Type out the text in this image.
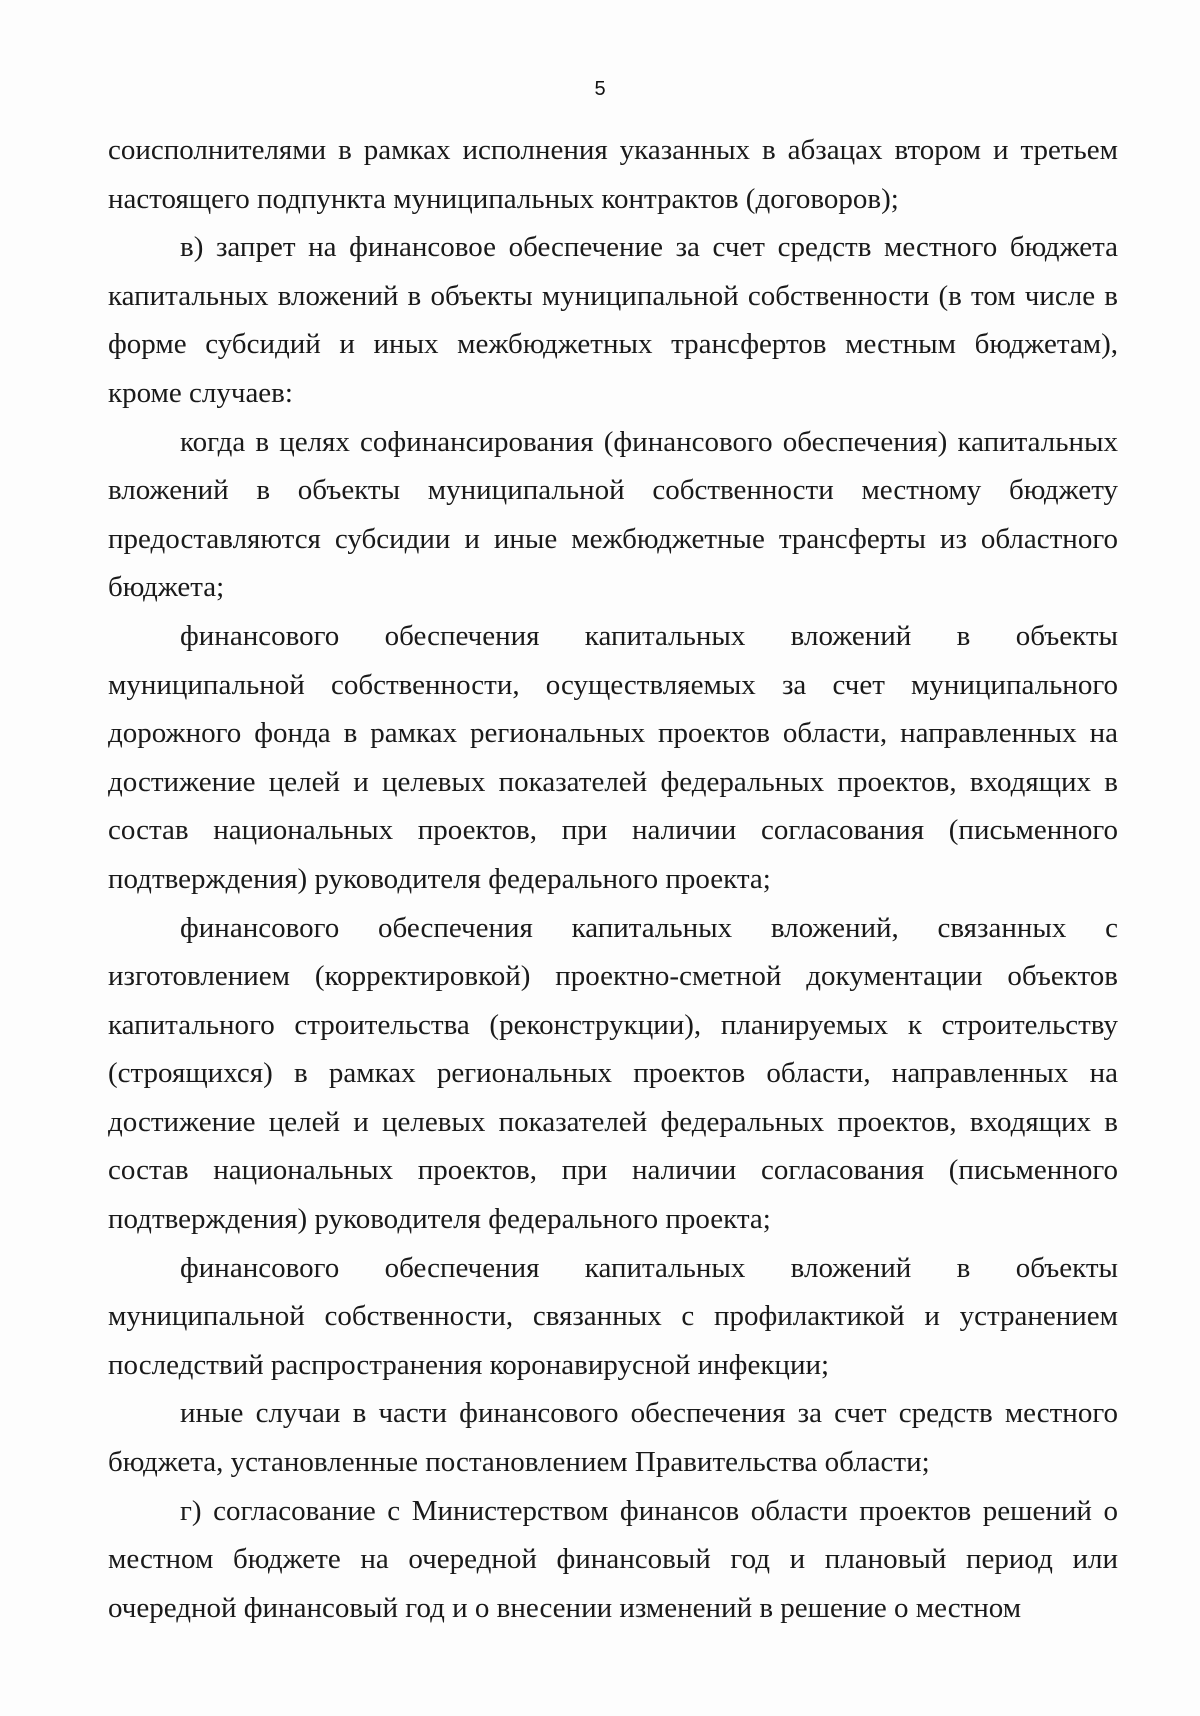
5

соисполнителями в рамках исполнения указанных в абзацах втором и третьем настоящего подпункта муниципальных контрактов (договоров);

в) запрет на финансовое обеспечение за счет средств местного бюджета капитальных вложений в объекты муниципальной собственности (в том числе в форме субсидий и иных межбюджетных трансфертов местным бюджетам), кроме случаев:

когда в целях софинансирования (финансового обеспечения) капитальных вложений в объекты муниципальной собственности местному бюджету предоставляются субсидии и иные межбюджетные трансферты из областного бюджета;

финансового обеспечения капитальных вложений в объекты муниципальной собственности, осуществляемых за счет муниципального дорожного фонда в рамках региональных проектов области, направленных на достижение целей и целевых показателей федеральных проектов, входящих в состав национальных проектов, при наличии согласования (письменного подтверждения) руководителя федерального проекта;

финансового обеспечения капитальных вложений, связанных с изготовлением (корректировкой) проектно-сметной документации объектов капитального строительства (реконструкции), планируемых к строительству (строящихся) в рамках региональных проектов области, направленных на достижение целей и целевых показателей федеральных проектов, входящих в состав национальных проектов, при наличии согласования (письменного подтверждения) руководителя федерального проекта;

финансового обеспечения капитальных вложений в объекты муниципальной собственности, связанных с профилактикой и устранением последствий распространения коронавирусной инфекции;

иные случаи в части финансового обеспечения за счет средств местного бюджета, установленные постановлением Правительства области;

г) согласование с Министерством финансов области проектов решений о местном бюджете на очередной финансовый год и плановый период или очередной финансовый год и о внесении изменений в решение о местном
